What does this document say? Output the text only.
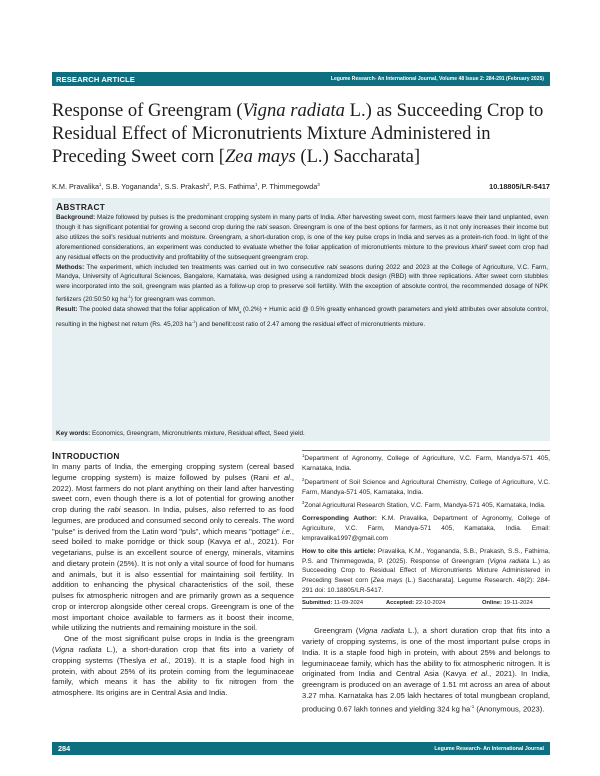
RESEARCH ARTICLE	Legume Research- An International Journal, Volume 48 Issue 2: 284-291 (February 2025)
Response of Greengram (Vigna radiata L.) as Succeeding Crop to Residual Effect of Micronutrients Mixture Administered in Preceding Sweet corn [Zea mays (L.) Saccharata]
K.M. Pravalika$^1$, S.B. Yogananda$^1$, S.S. Prakash$^2$, P.S. Fathima$^1$, P. Thimmegowda$^3$	10.18805/LR-5417
ABSTRACT
Background: Maize followed by pulses is the predominant cropping system in many parts of India. After harvesting sweet corn, most farmers leave their land unplanted, even though it has significant potential for growing a second crop during the rabi season. Greengram is one of the best options for farmers, as it not only increases their income but also utilizes the soil's residual nutrients and moisture. Greengram, a short-duration crop, is one of the key pulse crops in India and serves as a protein-rich food. In light of the aforementioned considerations, an experiment was conducted to evaluate whether the foliar application of micronutrients mixture to the previous kharif sweet corn crop had any residual effects on the productivity and profitability of the subsequent greengram crop.
Methods: The experiment, which included ten treatments was carried out in two consecutive rabi seasons during 2022 and 2023 at the College of Agriculture, V.C. Farm, Mandya, University of Agricultural Sciences, Bangalore, Karnataka, was designed using a randomized block design (RBD) with three replications. After sweet corn stubbles were incorporated into the soil, greengram was planted as a follow-up crop to preserve soil fertility. With the exception of absolute control, the recommended dosage of NPK fertilizers (20:50:50 kg $ha^{-1}$) for greengram was common.
Result: The pooled data showed that the foliar application of $MM_4$ (0.2%) + Humic acid @ 0.5% greatly enhanced growth parameters and yield attributes over absolute control, resulting in the highest net return (Rs. 45,203 $ha^{-1}$) and benefit:cost ratio of 2.47 among the residual effect of micronutrients mixture.
Key words: Economics, Greengram, Micronutrients mixture, Residual effect, Seed yield.
INTRODUCTION
In many parts of India, the emerging cropping system (cereal based legume cropping system) is maize followed by pulses (Rani et al., 2022). Most farmers do not plant anything on their land after harvesting sweet corn, even though there is a lot of potential for growing another crop during the rabi season. In India, pulses, also referred to as food legumes, are produced and consumed second only to cereals. The word "pulse" is derived from the Latin word "puls", which means "pottage" i.e., seed boiled to make porridge or thick soup (Kavya et al., 2021). For vegetarians, pulse is an excellent source of energy, minerals, vitamins and dietary protein (25%). It is not only a vital source of food for humans and animals, but it is also essential for maintaining soil fertility. In addition to enhancing the physical characteristics of the soil, these pulses fix atmospheric nitrogen and are primarily grown as a sequence crop or intercrop alongside other cereal crops. Greengram is one of the most important choice available to farmers as it boost their income, while utilizing the nutrients and remaining moisture in the soil.
One of the most significant pulse crops in India is the greengram (Vigna radiata L.), a short-duration crop that fits into a variety of cropping systems (Theslya et al., 2019). It is a staple food high in protein, with about 25% of its protein coming from the leguminaceae family, which means it has the ability to fix nitrogen from the atmosphere. Its origins are in Central Asia and India.
$^1$Department of Agronomy, College of Agriculture, V.C. Farm, Mandya-571 405, Karnataka, India.
$^2$Department of Soil Science and Agricultural Chemistry, College of Agriculture, V.C. Farm, Mandya-571 405, Karnataka, India.
$^3$Zonal Agricultural Research Station, V.C. Farm, Mandya-571 405, Karnataka, India.
Corresponding Author: K.M. Pravalika, Department of Agronomy, College of Agriculture, V.C. Farm, Mandya-571 405, Kamataka, India. Email: kmpravalika1997@gmail.com
How to cite this article: Pravalika, K.M., Yogananda, S.B., Prakash, S.S., Fathima, P.S. and Thimmegowda, P. (2025). Response of Greengram (Vigna radiata L.) as Succeeding Crop to Residual Effect of Micronutrients Mixture Administered in Preceding Sweet corn [Zea mays (L.) Saccharata]. Legume Research. 48(2): 284-291 doi: 10.18805/LR-5417.
Submitted: 11-09-2024	Accepted: 22-10-2024	Online: 19-11-2024
Greengram (Vigna radiata L.), a short duration crop that fits into a variety of cropping systems, is one of the most important pulse crops in India. It is a staple food high in protein, with about 25% and belongs to leguminaceae family, which has the ability to fix atmospheric nitrogen. It is originated from India and Central Asia (Kavya et al., 2021). In India, greengram is produced on an average of 1.51 mt across an area of about 3.27 mha. Karnataka has 2.05 lakh hectares of total mungbean cropland, producing 0.67 lakh tonnes and yielding 324 kg $ha^{-1}$ (Anonymous, 2023).
284	Legume Research- An International Journal
